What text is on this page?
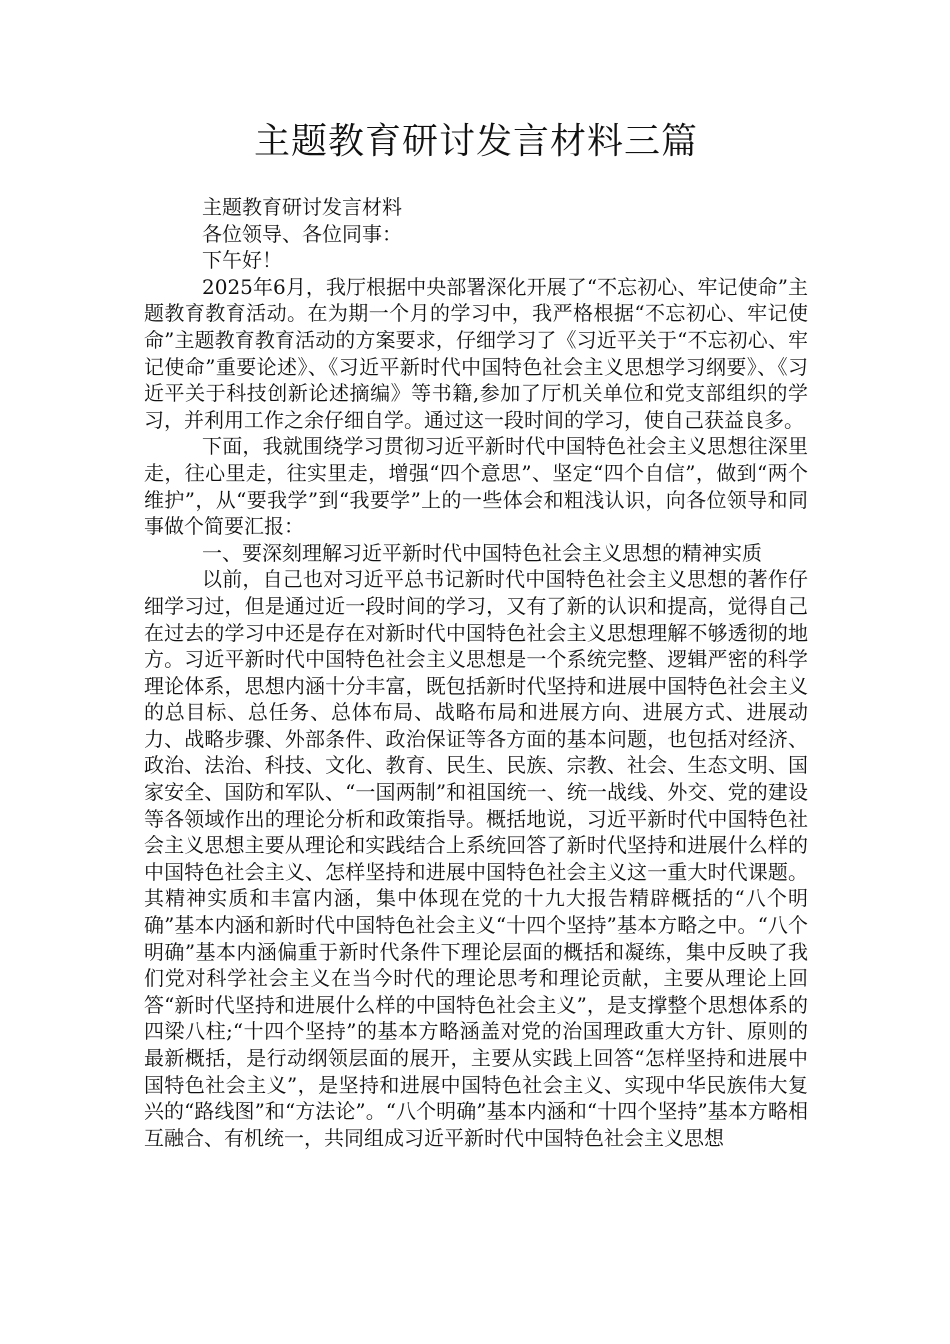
主题教育研讨发言材料三篇

主题教育研讨发言材料

各位领导、各位同事：

下午好！

2025年6月，我厅根据中央部署深化开展了“不忘初心、牢记使命”主题教育教育活动。在为期一个月的学习中，我严格根据“不忘初心、牢记使命”主题教育教育活动的方案要求，仔细学习了《习近平关于“不忘初心、牢记使命”重要论述》、《习近平新时代中国特色社会主义思想学习纲要》、《习近平关于科技创新论述摘编》等书籍,参加了厅机关单位和党支部组织的学习，并利用工作之余仔细自学。通过这一段时间的学习，使自己获益良多。

下面，我就围绕学习贯彻习近平新时代中国特色社会主义思想往深里走，往心里走，往实里走，增强“四个意思”、坚定“四个自信”，做到“两个维护”，从“要我学”到“我要学”上的一些体会和粗浅认识，向各位领导和同事做个简要汇报：

一、要深刻理解习近平新时代中国特色社会主义思想的精神实质

以前，自己也对习近平总书记新时代中国特色社会主义思想的著作仔细学习过，但是通过近一段时间的学习，又有了新的认识和提高，觉得自己在过去的学习中还是存在对新时代中国特色社会主义思想理解不够透彻的地方。习近平新时代中国特色社会主义思想是一个系统完整、逻辑严密的科学理论体系，思想内涵十分丰富，既包括新时代坚持和进展中国特色社会主义的总目标、总任务、总体布局、战略布局和进展方向、进展方式、进展动力、战略步骤、外部条件、政治保证等各方面的基本问题，也包括对经济、政治、法治、科技、文化、教育、民生、民族、宗教、社会、生态文明、国家安全、国防和军队、“一国两制”和祖国统一、统一战线、外交、党的建设等各领域作出的理论分析和政策指导。概括地说，习近平新时代中国特色社会主义思想主要从理论和实践结合上系统回答了新时代坚持和进展什么样的中国特色社会主义、怎样坚持和进展中国特色社会主义这一重大时代课题。其精神实质和丰富内涵，集中体现在党的十九大报告精辟概括的“八个明确”基本内涵和新时代中国特色社会主义“十四个坚持”基本方略之中。“八个明确”基本内涵偏重于新时代条件下理论层面的概括和凝练，集中反映了我们党对科学社会主义在当今时代的理论思考和理论贡献，主要从理论上回答“新时代坚持和进展什么样的中国特色社会主义”，是支撑整个思想体系的四梁八柱;“十四个坚持”的基本方略涵盖对党的治国理政重大方针、原则的最新概括，是行动纲领层面的展开，主要从实践上回答“怎样坚持和进展中国特色社会主义”，是坚持和进展中国特色社会主义、实现中华民族伟大复兴的“路线图”和“方法论”。“八个明确”基本内涵和“十四个坚持”基本方略相互融合、有机统一，共同组成习近平新时代中国特色社会主义思想
